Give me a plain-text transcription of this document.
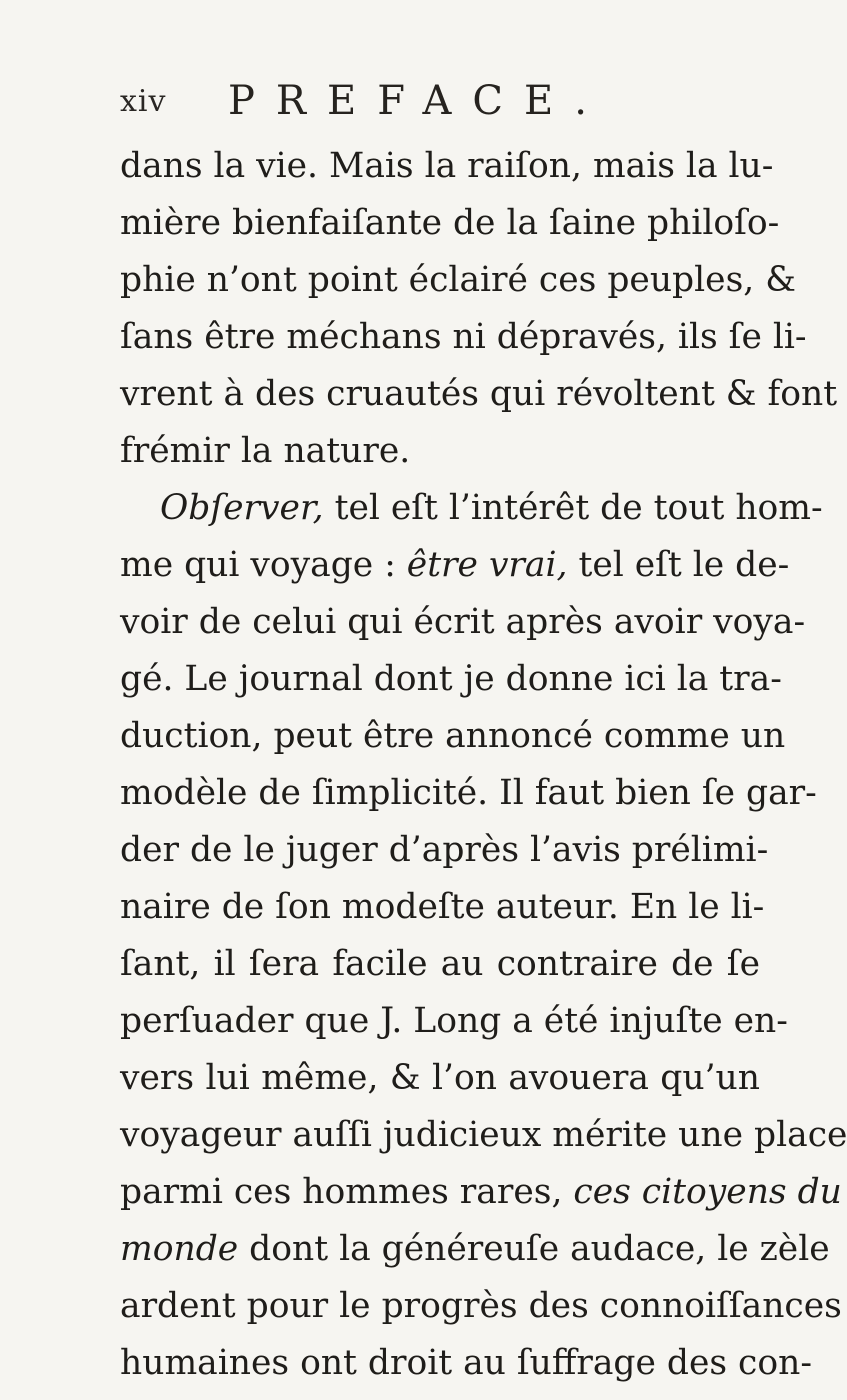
xiv PREFACE.

dans la vie. Mais la raiſon, mais la lu-
mière bienfaiſante de la ſaine philoſo-
phie n’ont point éclairé ces peuples, &
ſans être méchans ni dépravés, ils ſe li-
vrent à des cruautés qui révoltent & font
frémir la nature.

Obſerver, tel eſt l’intérêt de tout hom-
me qui voyage : être vrai, tel eſt le de-
voir de celui qui écrit après avoir voya-
gé. Le journal dont je donne ici la tra-
duction, peut être annoncé comme un
modèle de ſimplicité. Il faut bien ſe gar-
der de le juger d’après l’avis prélimi-
naire de ſon modeſte auteur. En le li-
ſant, il ſera facile au contraire de ſe
perſuader que J. Long a été injuſte en-
vers lui même, & l’on avouera qu’un
voyageur auſſi judicieux mérite une place
parmi ces hommes rares, ces citoyens du
monde dont la généreuſe audace, le zèle
ardent pour le progrès des connoiſſances
humaines ont droit au ſuffrage des con-
